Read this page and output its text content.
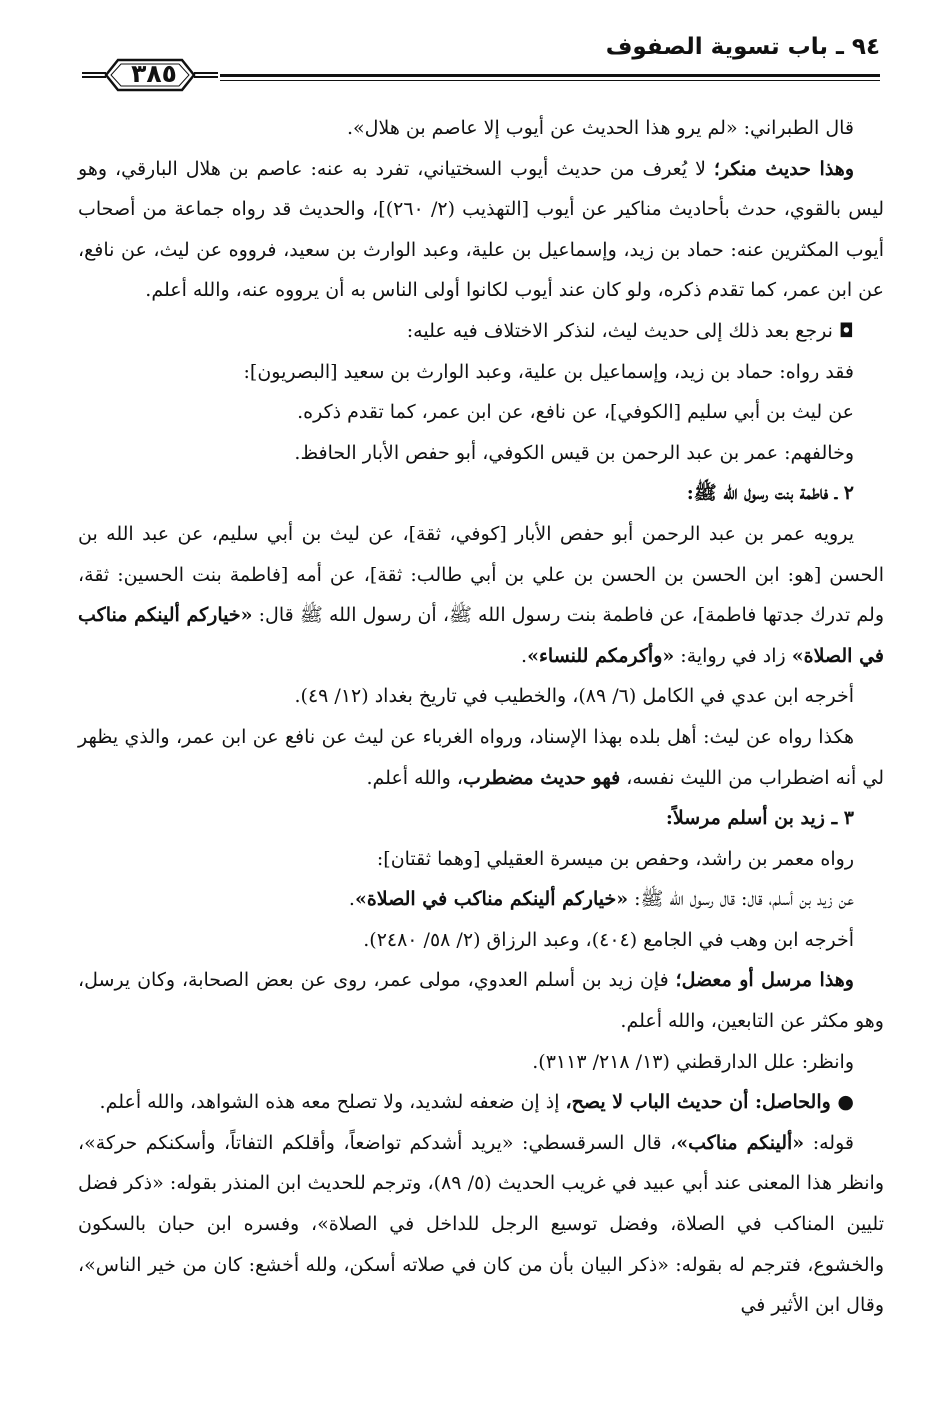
٩٤ ـ باب تسوية الصفوف
٣٨٥

قال الطبراني: «لم يرو هذا الحديث عن أيوب إلا عاصم بن هلال».

وهذا حديث منكر؛ لا يُعرف من حديث أيوب السختياني، تفرد به عنه: عاصم بن هلال البارقي، وهو ليس بالقوي، حدث بأحاديث مناكير عن أيوب [التهذيب (٢/ ٢٦٠)]، والحديث قد رواه جماعة من أصحاب أيوب المكثرين عنه: حماد بن زيد، وإسماعيل بن علية، وعبد الوارث بن سعيد، فرووه عن ليث، عن نافع، عن ابن عمر، كما تقدم ذكره، ولو كان عند أيوب لكانوا أولى الناس به أن يرووه عنه، والله أعلم.

◘ نرجع بعد ذلك إلى حديث ليث، لنذكر الاختلاف فيه عليه:

فقد رواه: حماد بن زيد، وإسماعيل بن علية، وعبد الوارث بن سعيد [البصريون]:

عن ليث بن أبي سليم [الكوفي]، عن نافع، عن ابن عمر، كما تقدم ذكره.

وخالفهم: عمر بن عبد الرحمن بن قيس الكوفي، أبو حفص الأبار الحافظ.

٢ ـ فاطمة بنت رسول الله ﷺ:

يرويه عمر بن عبد الرحمن أبو حفص الأبار [كوفي، ثقة]، عن ليث بن أبي سليم، عن عبد الله بن الحسن [هو: ابن الحسن بن الحسن بن علي بن أبي طالب: ثقة]، عن أمه [فاطمة بنت الحسين: ثقة، ولم تدرك جدتها فاطمة]، عن فاطمة بنت رسول الله ﷺ، أن رسول الله ﷺ قال: «خياركم ألينكم مناكب في الصلاة» زاد في رواية: «وأكرمكم للنساء».

أخرجه ابن عدي في الكامل (٦/ ٨٩)، والخطيب في تاريخ بغداد (١٢/ ٤٩).

هكذا رواه عن ليث: أهل بلده بهذا الإسناد، ورواه الغرباء عن ليث عن نافع عن ابن عمر، والذي يظهر لي أنه اضطراب من الليث نفسه، فهو حديث مضطرب، والله أعلم.

٣ ـ زيد بن أسلم مرسلاً:

رواه معمر بن راشد، وحفص بن ميسرة العقيلي [وهما ثقتان]:

عن زيد بن أسلم، قال: قال رسول الله ﷺ: «خياركم ألينكم مناكب في الصلاة».

أخرجه ابن وهب في الجامع (٤٠٤)، وعبد الرزاق (٢/ ٥٨/ ٢٤٨٠).

وهذا مرسل أو معضل؛ فإن زيد بن أسلم العدوي، مولى عمر، روى عن بعض الصحابة، وكان يرسل، وهو مكثر عن التابعين، والله أعلم.

وانظر: علل الدارقطني (١٣/ ٢١٨/ ٣١١٣).

● والحاصل: أن حديث الباب لا يصح، إذ إن ضعفه لشديد، ولا تصلح معه هذه الشواهد، والله أعلم.

قوله: «ألينكم مناكب»، قال السرقسطي: «يريد أشدكم تواضعاً، وأقلكم التفاتاً، وأسكنكم حركة»، وانظر هذا المعنى عند أبي عبيد في غريب الحديث (٥/ ٨٩)، وترجم للحديث ابن المنذر بقوله: «ذكر فضل تليين المناكب في الصلاة، وفضل توسيع الرجل للداخل في الصلاة»، وفسره ابن حبان بالسكون والخشوع، فترجم له بقوله: «ذكر البيان بأن من كان في صلاته أسكن، ولله أخشع: كان من خير الناس»، وقال ابن الأثير في
